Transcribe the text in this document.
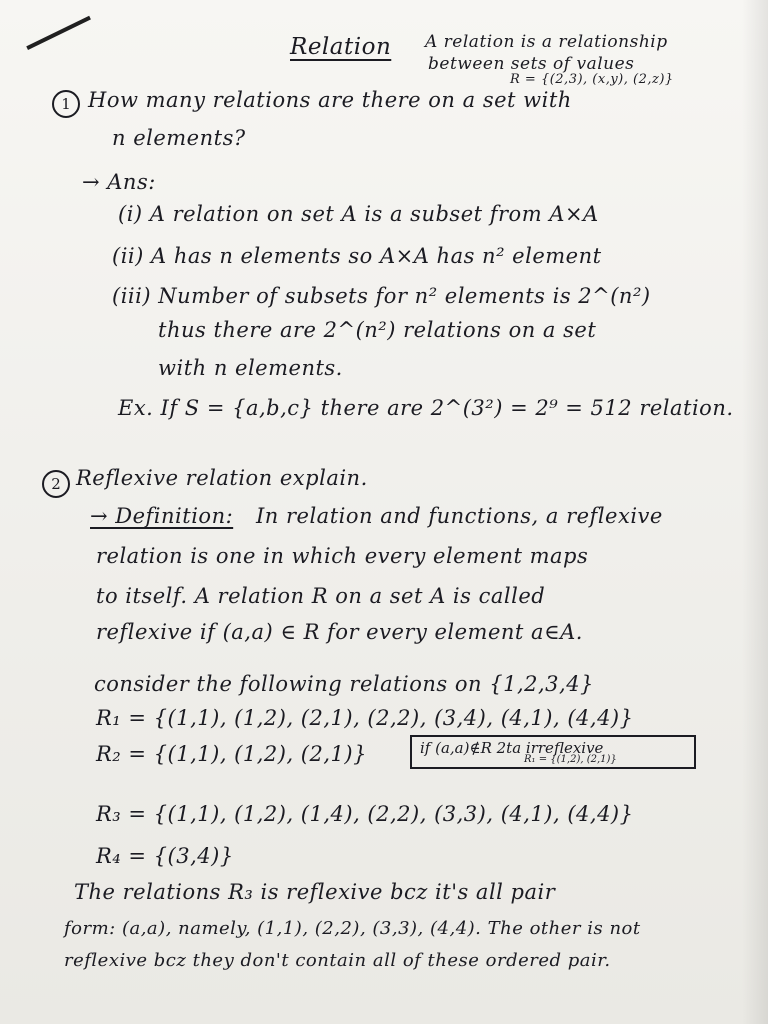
Relation A relation is a relationship
between sets of values
R = {(2,3), (x,y), (2,z)}
1 How many relations are there on a set with
n elements?
→ Ans:
(i) A relation on set A is a subset from A×A
(ii) A has n elements so A×A has n² element
(iii) Number of subsets for n² elements is 2^(n²)
thus there are 2^(n²) relations on a set
with n elements.
Ex. If S = {a,b,c} there are 2^(3²) = 2⁹ = 512 relation.
2 Reflexive relation explain.
→ Definition: In relation and functions, a reflexive
relation is one in which every element maps
to itself. A relation R on a set A is called
reflexive if (a,a) ∈ R for every element a∈A.
consider the following relations on {1,2,3,4}
R₁ = {(1,1), (1,2), (2,1), (2,2), (3,4), (4,1), (4,4)}
R₂ = {(1,1), (1,2), (2,1)}	if (a,a)∉R 2ta irreflexive
R₁ = {(1,2), (2,1)}
R₃ = {(1,1), (1,2), (1,4), (2,2), (3,3), (4,1), (4,4)}
R₄ = {(3,4)}
The relations R₃ is reflexive bcz it's all pair
form: (a,a), namely, (1,1), (2,2), (3,3), (4,4). The other is not
reflexive bcz they don't contain all of these ordered pair.
